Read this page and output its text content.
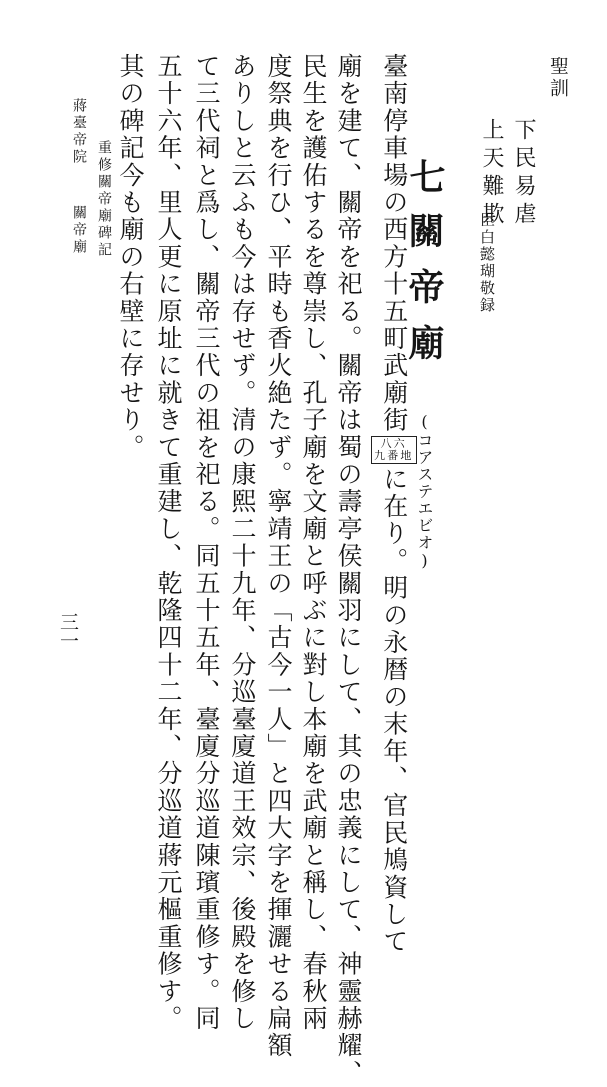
聖訓
下民易虐
上天難欺
臣白懿瑚敬録
七
關帝廟
(コアステエビオ)
臺南停車場の西方十五町武廟街
八六
九番地
に在り。明の永暦の末年、官民鳩資して
廟を建て、關帝を祀る。關帝は蜀の壽亭侯關羽にして、其の忠義にして、神靈赫耀、
民生を護佑するを尊崇し、孔子廟を文廟と呼ぶに對し本廟を武廟と稱し、春秋兩
度祭典を行ひ、平時も香火絶たず。寧靖王の「古今一人」と四大字を揮灑せる扁額
ありしと云ふも今は存せず。清の康熙二十九年、分巡臺廈道王效宗、後殿を修し
て三代祠と爲し、關帝三代の祖を祀る。同五十五年、臺廈分巡道陳璸重修す。同
五十六年、里人更に原址に就きて重建し、乾隆四十二年、分巡道蔣元樞重修す。
其の碑記今も廟の右壁に存せり。
重修關帝廟碑記
蔣臺帝院
關帝廟
三一
